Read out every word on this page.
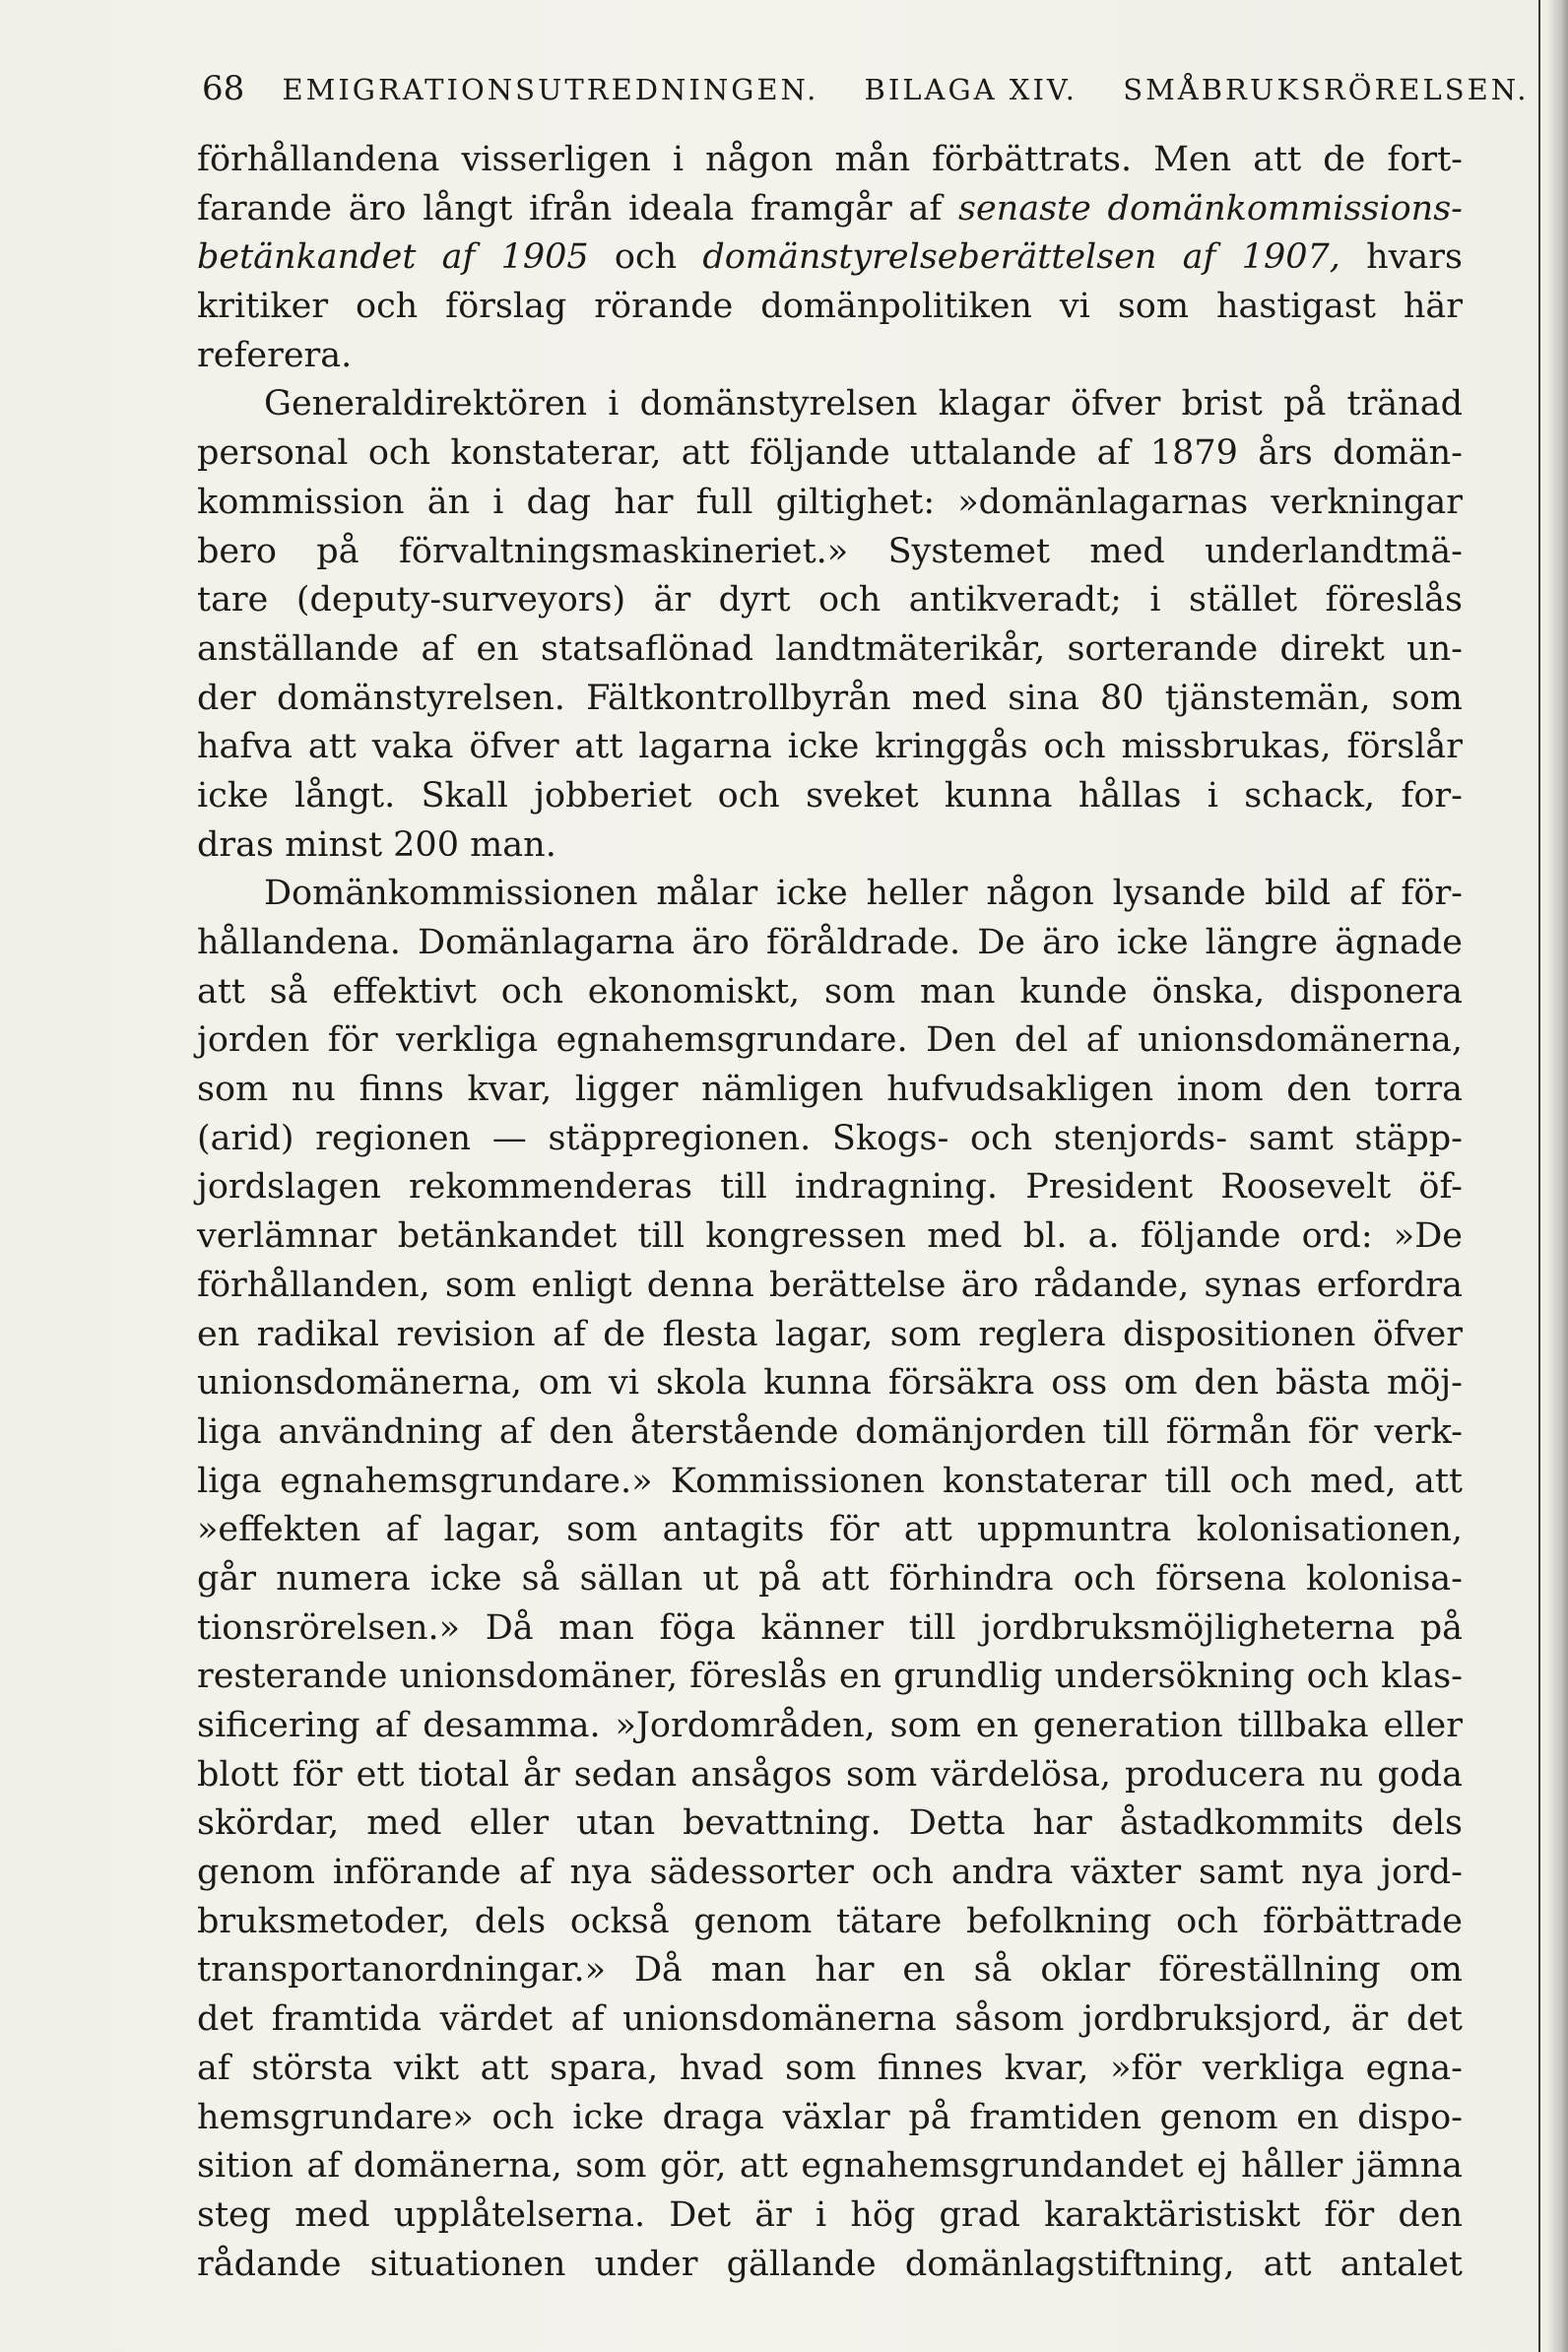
68 EMIGRATIONSUTREDNINGEN. BILAGA XIV. SMÅBRUKSRÖRELSEN.
förhållandena visserligen i någon mån förbättrats. Men att de fort-
farande äro långt ifrån ideala framgår af senaste domänkommissions-
betänkandet af 1905 och domänstyrelseberättelsen af 1907, hvars
kritiker och förslag rörande domänpolitiken vi som hastigast här
referera.
Generaldirektören i domänstyrelsen klagar öfver brist på tränad
personal och konstaterar, att följande uttalande af 1879 års domän-
kommission än i dag har full giltighet: »domänlagarnas verkningar
bero på förvaltningsmaskineriet.» Systemet med underlandtmä-
tare (deputy-surveyors) är dyrt och antikveradt; i stället föreslås
anställande af en statsaflönad landtmäterikår, sorterande direkt un-
der domänstyrelsen. Fältkontrollbyrån med sina 80 tjänstemän, som
hafva att vaka öfver att lagarna icke kringgås och missbrukas, förslår
icke långt. Skall jobberiet och sveket kunna hållas i schack, for-
dras minst 200 man.
Domänkommissionen målar icke heller någon lysande bild af för-
hållandena. Domänlagarna äro föråldrade. De äro icke längre ägnade
att så effektivt och ekonomiskt, som man kunde önska, disponera
jorden för verkliga egnahemsgrundare. Den del af unionsdomänerna,
som nu finns kvar, ligger nämligen hufvudsakligen inom den torra
(arid) regionen — stäppregionen. Skogs- och stenjords- samt stäpp-
jordslagen rekommenderas till indragning. President Roosevelt öf-
verlämnar betänkandet till kongressen med bl. a. följande ord: »De
förhållanden, som enligt denna berättelse äro rådande, synas erfordra
en radikal revision af de flesta lagar, som reglera dispositionen öfver
unionsdomänerna, om vi skola kunna försäkra oss om den bästa möj-
liga användning af den återstående domänjorden till förmån för verk-
liga egnahemsgrundare.» Kommissionen konstaterar till och med, att
»effekten af lagar, som antagits för att uppmuntra kolonisationen,
går numera icke så sällan ut på att förhindra och försena kolonisa-
tionsrörelsen.» Då man föga känner till jordbruksmöjligheterna på
resterande unionsdomäner, föreslås en grundlig undersökning och klas-
sificering af desamma. »Jordområden, som en generation tillbaka eller
blott för ett tiotal år sedan ansågos som värdelösa, producera nu goda
skördar, med eller utan bevattning. Detta har åstadkommits dels
genom införande af nya sädessorter och andra växter samt nya jord-
bruksmetoder, dels också genom tätare befolkning och förbättrade
transportanordningar.» Då man har en så oklar föreställning om
det framtida värdet af unionsdomänerna såsom jordbruksjord, är det
af största vikt att spara, hvad som finnes kvar, »för verkliga egna-
hemsgrundare» och icke draga växlar på framtiden genom en dispo-
sition af domänerna, som gör, att egnahemsgrundandet ej håller jämna
steg med upplåtelserna. Det är i hög grad karaktäristiskt för den
rådande situationen under gällande domänlagstiftning, att antalet
